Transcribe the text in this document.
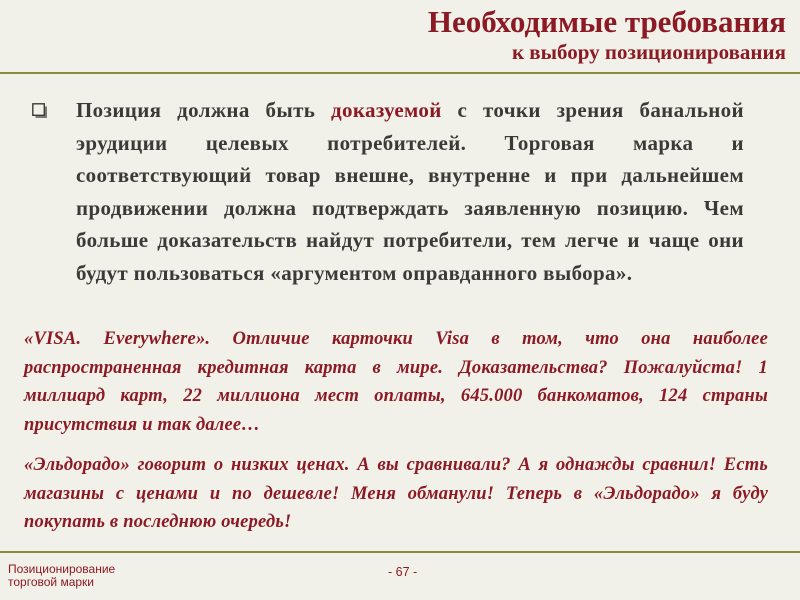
Необходимые требования
к выбору позиционирования
Позиция должна быть доказуемой с точки зрения банальной эрудиции целевых потребителей. Торговая марка и соответствующий товар внешне, внутренне и при дальнейшем продвижении должна подтверждать заявленную позицию. Чем больше доказательств найдут потребители, тем легче и чаще они будут пользоваться «аргументом оправданного выбора».
«VISA. Everywhere». Отличие карточки Visa в том, что она наиболее распространенная кредитная карта в мире. Доказательства? Пожалуйста! 1 миллиард карт, 22 миллиона мест оплаты, 645.000 банкоматов, 124 страны присутствия и так далее…
«Эльдорадо» говорит о низких ценах. А вы сравнивали? А я однажды сравнил! Есть магазины с ценами и по дешевле! Меня обманули! Теперь в «Эльдорадо» я буду покупать в последнюю очередь!
Позиционирование
торговой марки
- 67 -
